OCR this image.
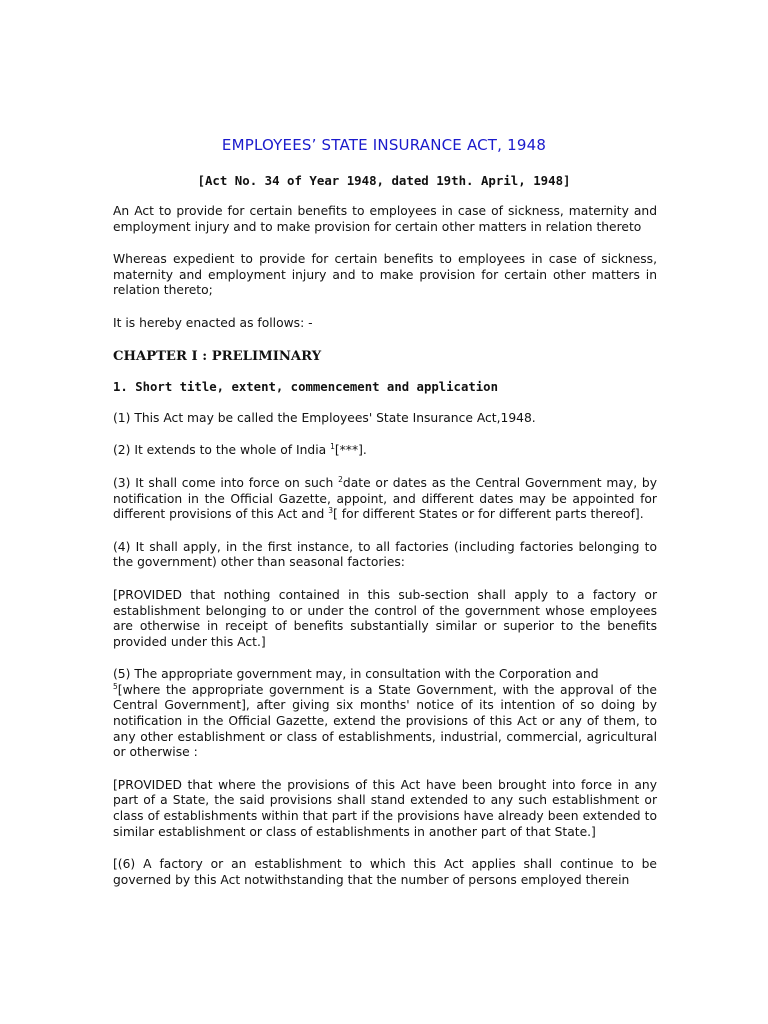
EMPLOYEES’ STATE INSURANCE ACT, 1948
[Act No. 34 of Year 1948, dated 19th. April, 1948]

An Act to provide for certain benefits to employees in case of sickness, maternity and employment injury and to make provision for certain other matters in relation thereto

Whereas expedient to provide for certain benefits to employees in case of sickness, maternity and employment injury and to make provision for certain other matters in relation thereto;

It is hereby enacted as follows: -

CHAPTER I : PRELIMINARY
1. Short title, extent, commencement and application

(1) This Act may be called the Employees' State Insurance Act,1948.

(2) It extends to the whole of India $^1$[***].

(3) It shall come into force on such $^2$date or dates as the Central Government may, by notification in the Official Gazette, appoint, and different dates may be appointed for different provisions of this Act and $^3$[ for different States or for different parts thereof].

(4) It shall apply, in the first instance, to all factories (including factories belonging to the government) other than seasonal factories:

[PROVIDED that nothing contained in this sub-section shall apply to a factory or establishment belonging to or under the control of the government whose employees are otherwise in receipt of benefits substantially similar or superior to the benefits provided under this Act.]

(5) The appropriate government may, in consultation with the Corporation and
$^5$[where the appropriate government is a State Government, with the approval of the Central Government], after giving six months' notice of its intention of so doing by notification in the Official Gazette, extend the provisions of this Act or any of them, to any other establishment or class of establishments, industrial, commercial, agricultural or otherwise :

[PROVIDED that where the provisions of this Act have been brought into force in any part of a State, the said provisions shall stand extended to any such establishment or class of establishments within that part if the provisions have already been extended to similar establishment or class of establishments in another part of that State.]

[(6) A factory or an establishment to which this Act applies shall continue to be governed by this Act notwithstanding that the number of persons employed therein
